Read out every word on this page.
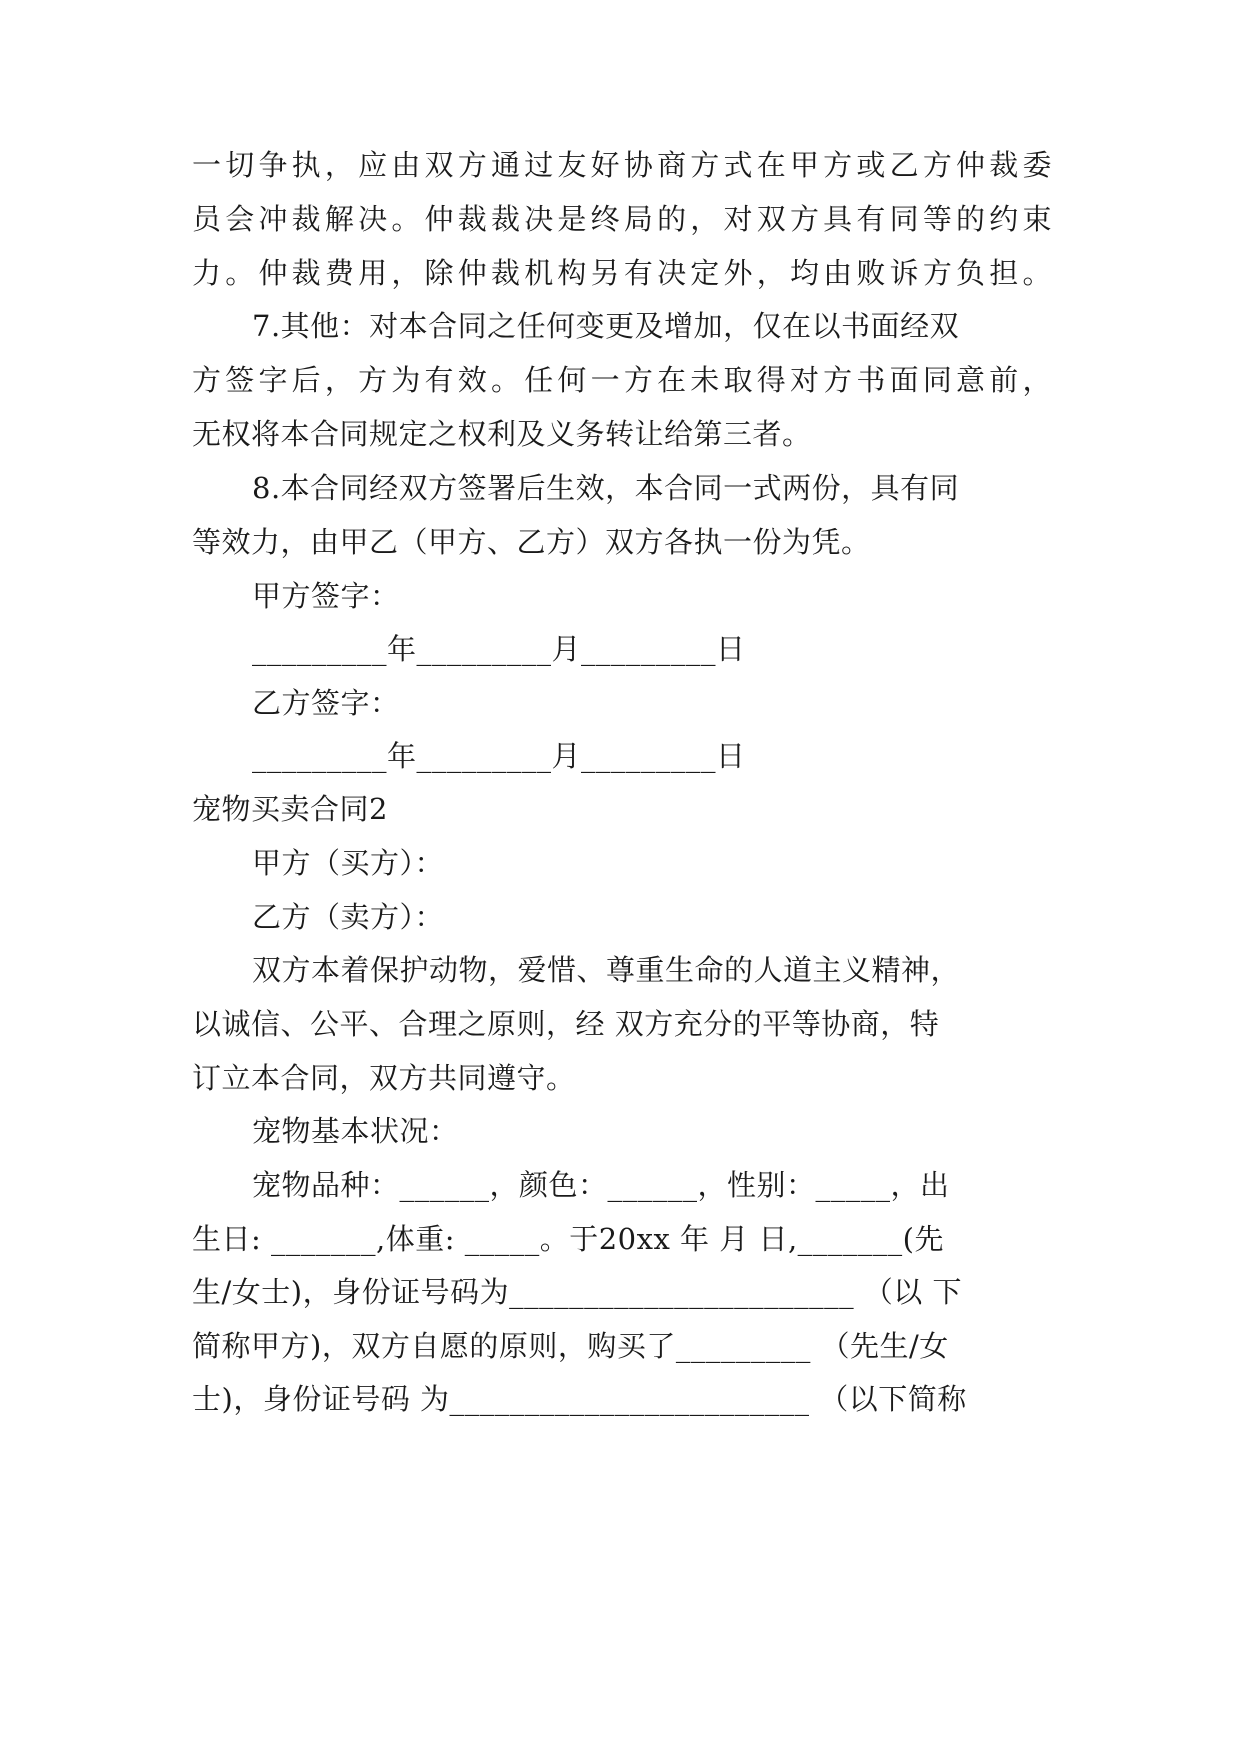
一切争执，应由双方通过友好协商方式在甲方或乙方仲裁委
员会冲裁解决。仲裁裁决是终局的，对双方具有同等的约束
力。仲裁费用，除仲裁机构另有决定外，均由败诉方负担。
7.其他：对本合同之任何变更及增加，仅在以书面经双
方签字后，方为有效。任何一方在未取得对方书面同意前，
无权将本合同规定之权利及义务转让给第三者。
8.本合同经双方签署后生效，本合同一式两份，具有同
等效力，由甲乙（甲方、乙方）双方各执一份为凭。
甲方签字：
_________年_________月_________日
乙方签字：
_________年_________月_________日
宠物买卖合同2
甲方（买方）：
乙方（卖方）：
双方本着保护动物，爱惜、尊重生命的人道主义精神，
以诚信、公平、合理之原则，经 双方充分的平等协商，特
订立本合同，双方共同遵守。
宠物基本状况：
宠物品种：______，颜色：______，性别：_____，出
生日: _______,体重: _____。于20xx 年 月 日,_______(先
生/女士)，身份证号码为_______________________ （以 下
简称甲方)，双方自愿的原则，购买了_________ （先生/女
士)，身份证号码 为________________________ （以下简称
